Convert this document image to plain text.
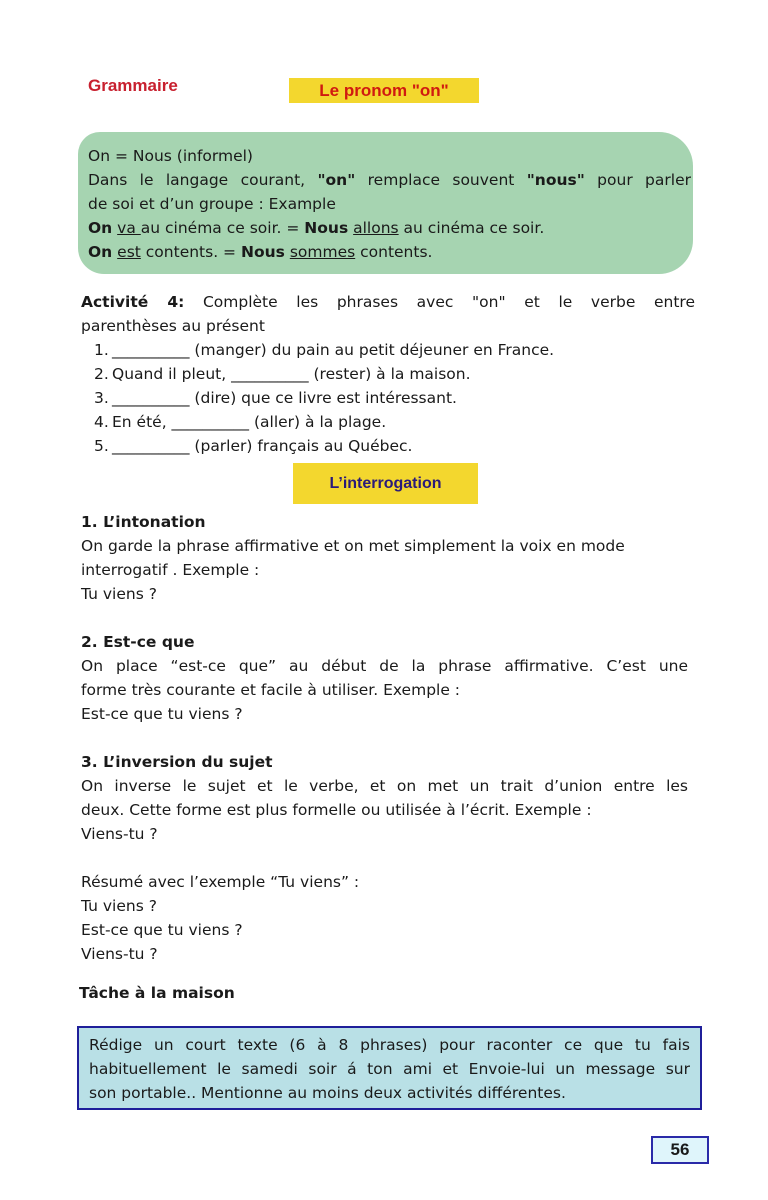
Grammaire	Le pronom "on"
On = Nous (informel)
Dans le langage courant, "on" remplace souvent "nous" pour parler
de soi et d’un groupe : Example
On va au cinéma ce soir. = Nous allons au cinéma ce soir.
On est contents. = Nous sommes contents.
Activité 4: Complète les phrases avec "on" et le verbe entre
parenthèses au présent
1. __________ (manger) du pain au petit déjeuner en France.
2. Quand il pleut, __________ (rester) à la maison.
3. __________ (dire) que ce livre est intéressant.
4. En été, __________ (aller) à la plage.
5. __________ (parler) français au Québec.
L’interrogation
1. L’intonation
On garde la phrase affirmative et on met simplement la voix en mode
interrogatif . Exemple :
Tu viens ?
2. Est-ce que
On place “est-ce que” au début de la phrase affirmative. C’est une
forme très courante et facile à utiliser. Exemple :
Est-ce que tu viens ?
3. L’inversion du sujet
On inverse le sujet et le verbe, et on met un trait d’union entre les
deux. Cette forme est plus formelle ou utilisée à l’écrit. Exemple :
Viens-tu ?
Résumé avec l’exemple “Tu viens” :
Tu viens ?
Est-ce que tu viens ?
Viens-tu ?
Tâche à la maison
Rédige un court texte (6 à 8 phrases) pour raconter ce que tu fais
habituellement le samedi soir á ton ami et Envoie-lui un message sur
son portable.. Mentionne au moins deux activités différentes.
56
